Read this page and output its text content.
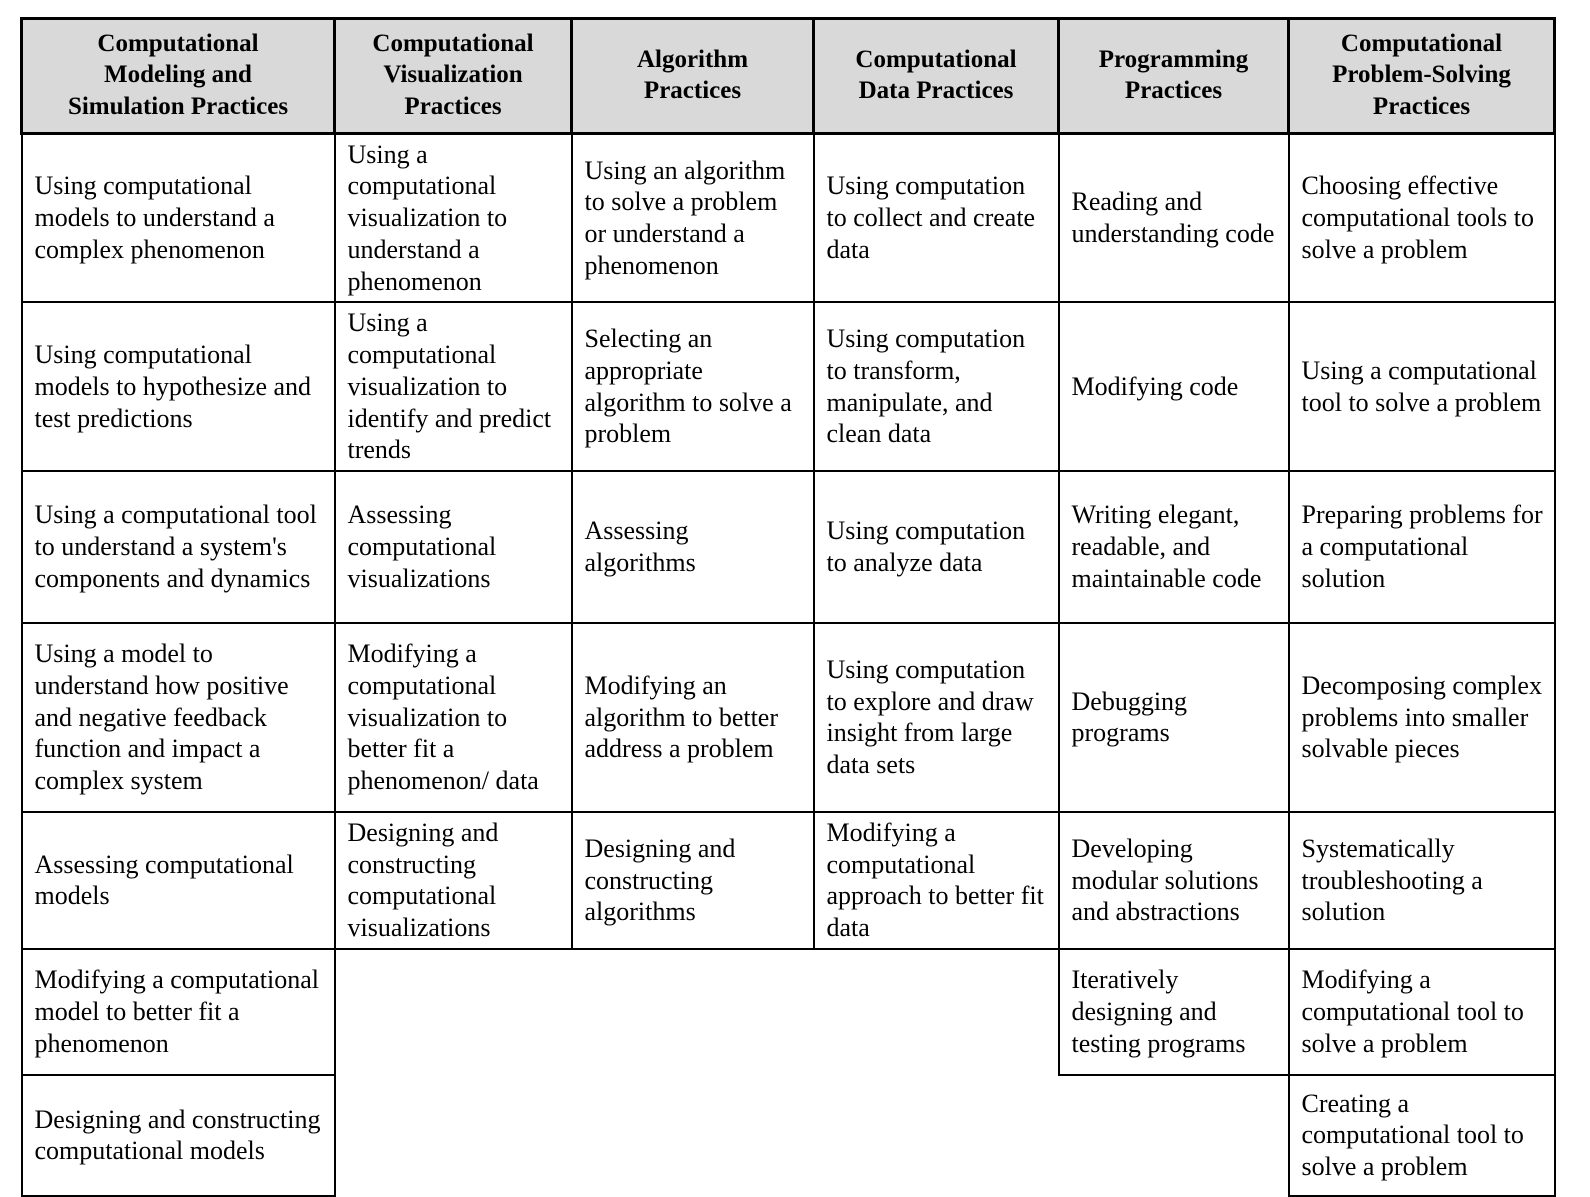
Computational
Modeling and
Simulation Practices	Computational
Visualization
Practices	Algorithm
Practices	Computational
Data Practices	Programming
Practices	Computational
Problem-Solving
Practices

Using computational models to understand a complex phenomenon	Using a computational visualization to understand a phenomenon	Using an algorithm to solve a problem or understand a phenomenon	Using computation to collect and create data	Reading and understanding code	Choosing effective computational tools to solve a problem
Using computational models to hypothesize and test predictions	Using a computational visualization to identify and predict trends	Selecting an appropriate algorithm to solve a problem	Using computation to transform, manipulate, and clean data	Modifying code	Using a computational tool to solve a problem
Using a computational tool to understand a system's components and dynamics	Assessing computational visualizations	Assessing algorithms	Using computation to analyze data	Writing elegant, readable, and maintainable code	Preparing problems for a computational solution
Using a model to understand how positive and negative feedback function and impact a complex system	Modifying a computational visualization to better fit a phenomenon/ data	Modifying an algorithm to better address a problem	Using computation to explore and draw insight from large data sets	Debugging programs	Decomposing complex problems into smaller solvable pieces
Assessing computational models	Designing and constructing computational visualizations	Designing and constructing algorithms	Modifying a computational approach to better fit data	Developing modular solutions and abstractions	Systematically troubleshooting a solution
Modifying a computational model to better fit a phenomenon				Iteratively designing and testing programs	Modifying a computational tool to solve a problem
Designing and constructing computational models					Creating a computational tool to solve a problem
